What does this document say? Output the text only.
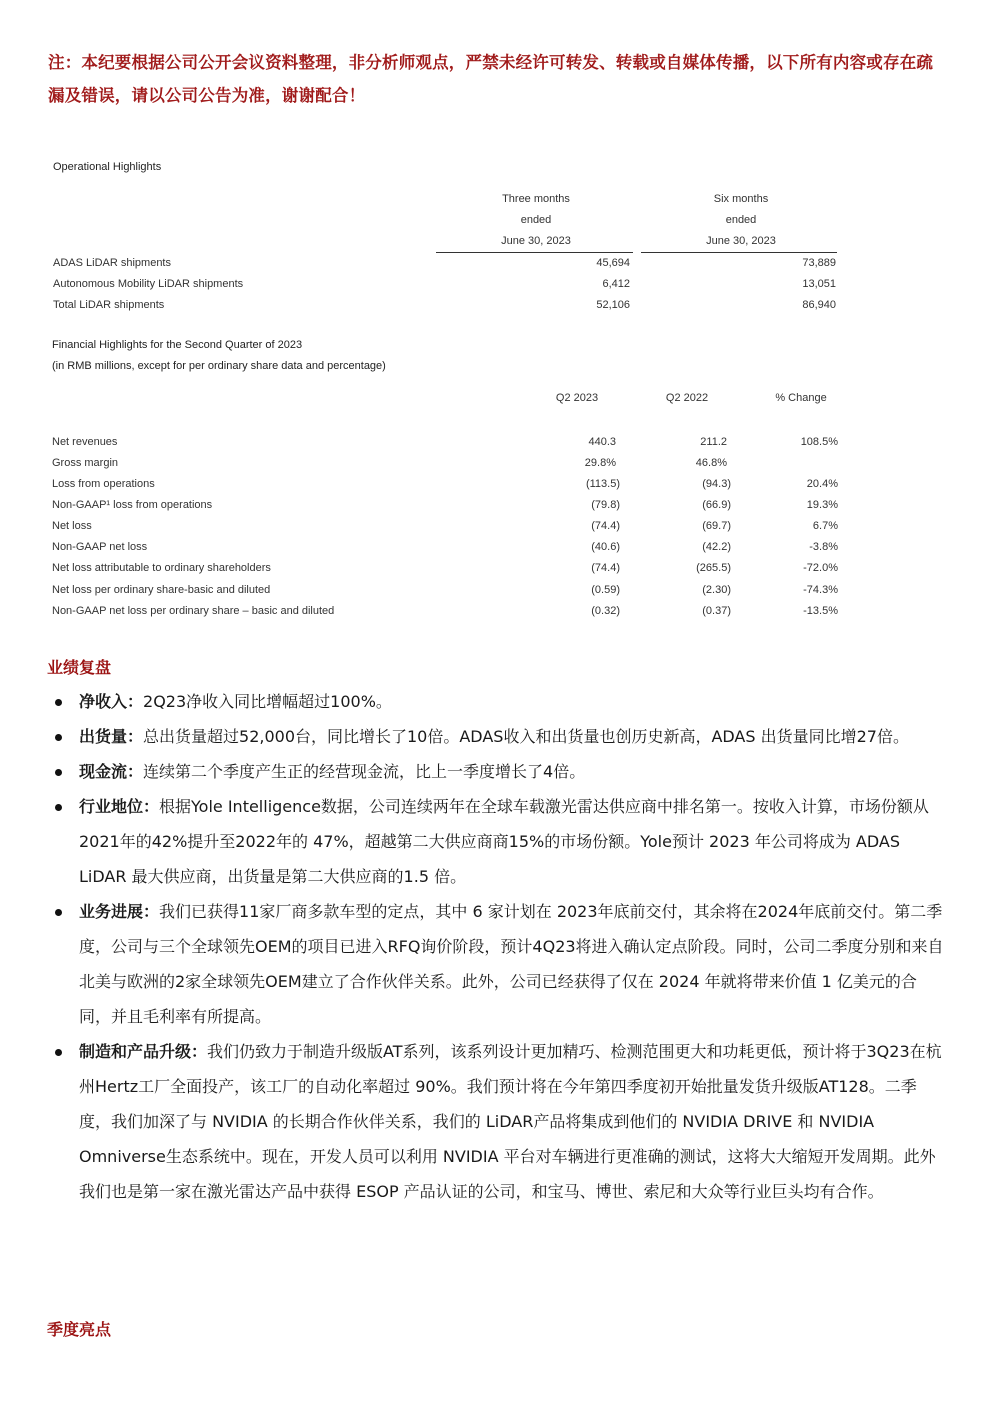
注：本纪要根据公司公开会议资料整理，非分析师观点，严禁未经许可转发、转载或自媒体传播，以下所有内容或存在疏漏及错误，请以公司公告为准，谢谢配合！
Operational Highlights
Three months
ended
June 30, 2023
Six months
ended
June 30, 2023
ADAS LiDAR shipments	45,694	73,889
Autonomous Mobility LiDAR shipments	6,412	13,051
Total LiDAR shipments	52,106	86,940
Financial Highlights for the Second Quarter of 2023
(in RMB millions, except for per ordinary share data and percentage)
Q2 2023	Q2 2022	% Change
Net revenues	440.3	211.2	108.5%
Gross margin	29.8%	46.8%
Loss from operations	(113.5)	(94.3)	20.4%
Non-GAAP¹ loss from operations	(79.8)	(66.9)	19.3%
Net loss	(74.4)	(69.7)	6.7%
Non-GAAP net loss	(40.6)	(42.2)	-3.8%
Net loss attributable to ordinary shareholders	(74.4)	(265.5)	-72.0%
Net loss per ordinary share-basic and diluted	(0.59)	(2.30)	-74.3%
Non-GAAP net loss per ordinary share – basic and diluted	(0.32)	(0.37)	-13.5%
业绩复盘
净收入：2Q23净收入同比增幅超过100%。
出货量：总出货量超过52,000台，同比增长了10倍。ADAS收入和出货量也创历史新高，ADAS 出货量同比增27倍。
现金流：连续第二个季度产生正的经营现金流，比上一季度增长了4倍。
行业地位：根据Yole Intelligence数据，公司连续两年在全球车载激光雷达供应商中排名第一。按收入计算，市场份额从2021年的42%提升至2022年的 47%，超越第二大供应商商15%的市场份额。Yole预计 2023 年公司将成为 ADAS LiDAR 最大供应商，出货量是第二大供应商的1.5 倍。
业务进展：我们已获得11家厂商多款车型的定点，其中 6 家计划在 2023年底前交付，其余将在2024年底前交付。第二季度，公司与三个全球领先OEM的项目已进入RFQ询价阶段，预计4Q23将进入确认定点阶段。同时，公司二季度分别和来自北美与欧洲的2家全球领先OEM建立了合作伙伴关系。此外，公司已经获得了仅在 2024 年就将带来价值 1 亿美元的合同，并且毛利率有所提高。
制造和产品升级：我们仍致力于制造升级版AT系列，该系列设计更加精巧、检测范围更大和功耗更低，预计将于3Q23在杭州Hertz工厂全面投产，该工厂的自动化率超过 90%。我们预计将在今年第四季度初开始批量发货升级版AT128。二季度，我们加深了与 NVIDIA 的长期合作伙伴关系，我们的 LiDAR产品将集成到他们的 NVIDIA DRIVE 和 NVIDIA Omniverse生态系统中。现在，开发人员可以利用 NVIDIA 平台对车辆进行更准确的测试，这将大大缩短开发周期。此外我们也是第一家在激光雷达产品中获得 ESOP 产品认证的公司，和宝马、博世、索尼和大众等行业巨头均有合作。
季度亮点
